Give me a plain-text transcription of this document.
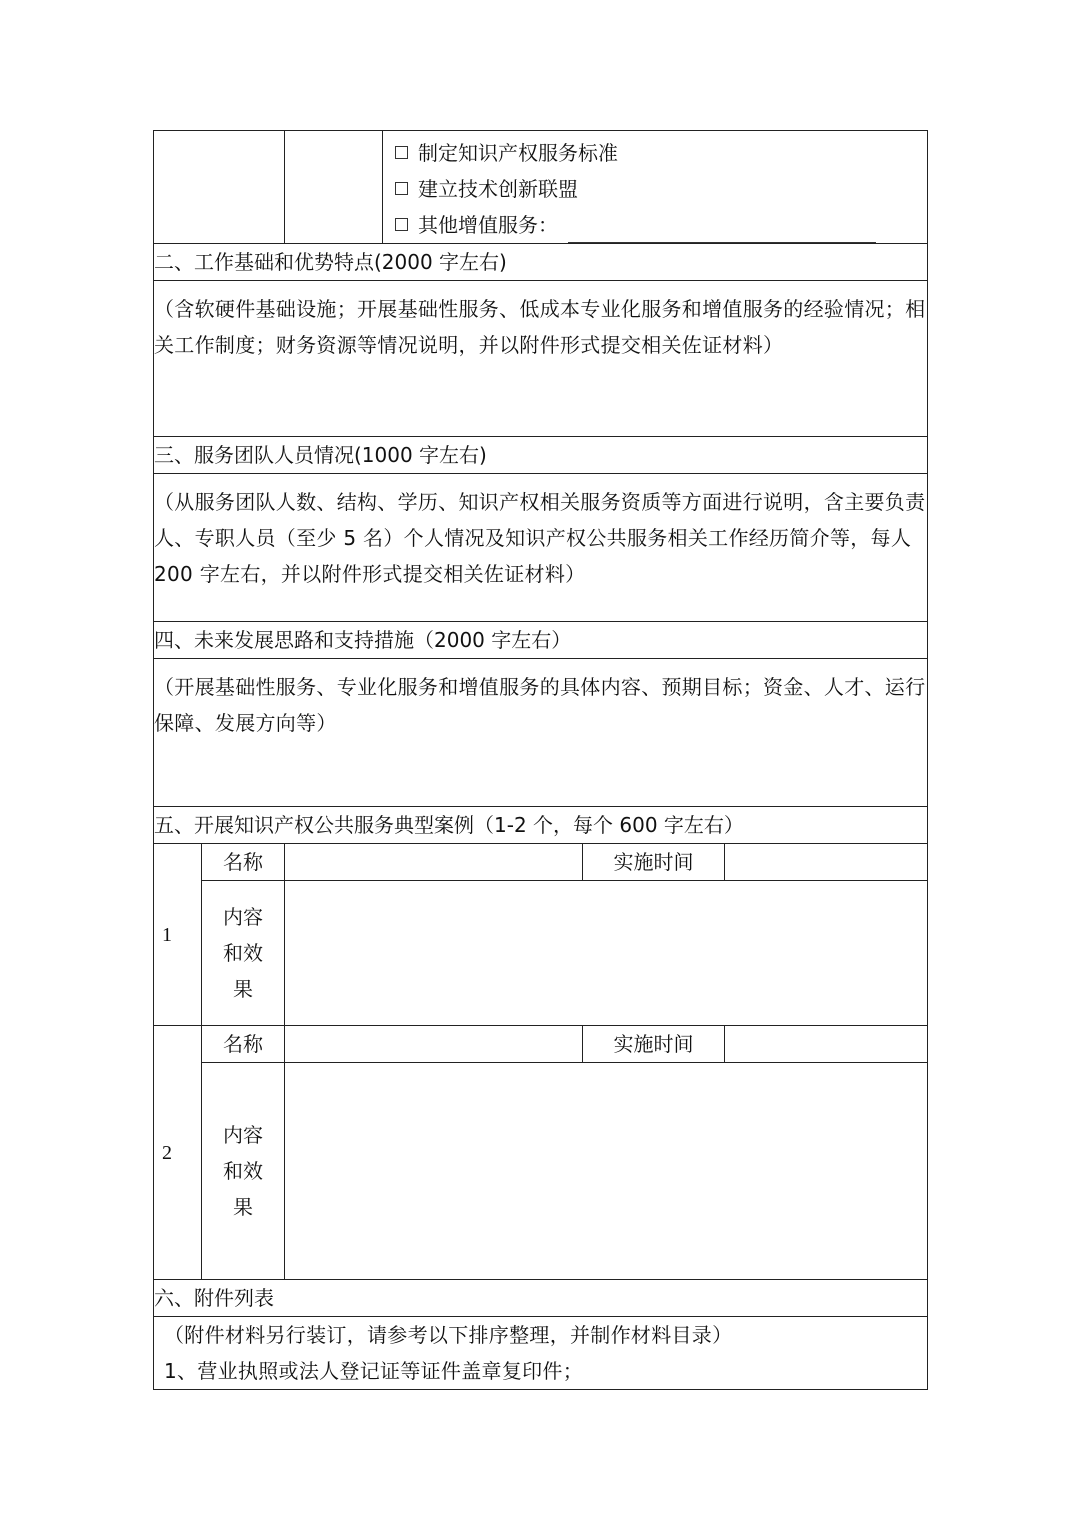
			制定知识产权服务标准
建立技术创新联盟
其他增值服务：		

二、工作基础和优势特点(2000 字左右)					
（含软硬件基础设施；开展基础性服务、低成本专业化服务和增值服务的经验情况；相关工作制度；财务资源等情况说明，并以附件形式提交相关佐证材料）					
三、服务团队人员情况(1000 字左右)					
（从服务团队人数、结构、学历、知识产权相关服务资质等方面进行说明，含主要负责人、专职人员（至少 5 名）个人情况及知识产权公共服务相关工作经历简介等，每人 200 字左右，并以附件形式提交相关佐证材料）					
四、未来发展思路和支持措施（2000 字左右）					
（开展基础性服务、专业化服务和增值服务的具体内容、预期目标；资金、人才、运行保障、发展方向等）					
五、开展知识产权公共服务典型案例（1-2 个，每个 600 字左右）					
1	名称			实施时间	

	内容
和效
果				

2	名称			实施时间	

	内容
和效
果				

六、附件列表					

（附件材料另行装订，请参考以下排序整理，并制作材料目录）
1、营业执照或法人登记证等证件盖章复印件；					
